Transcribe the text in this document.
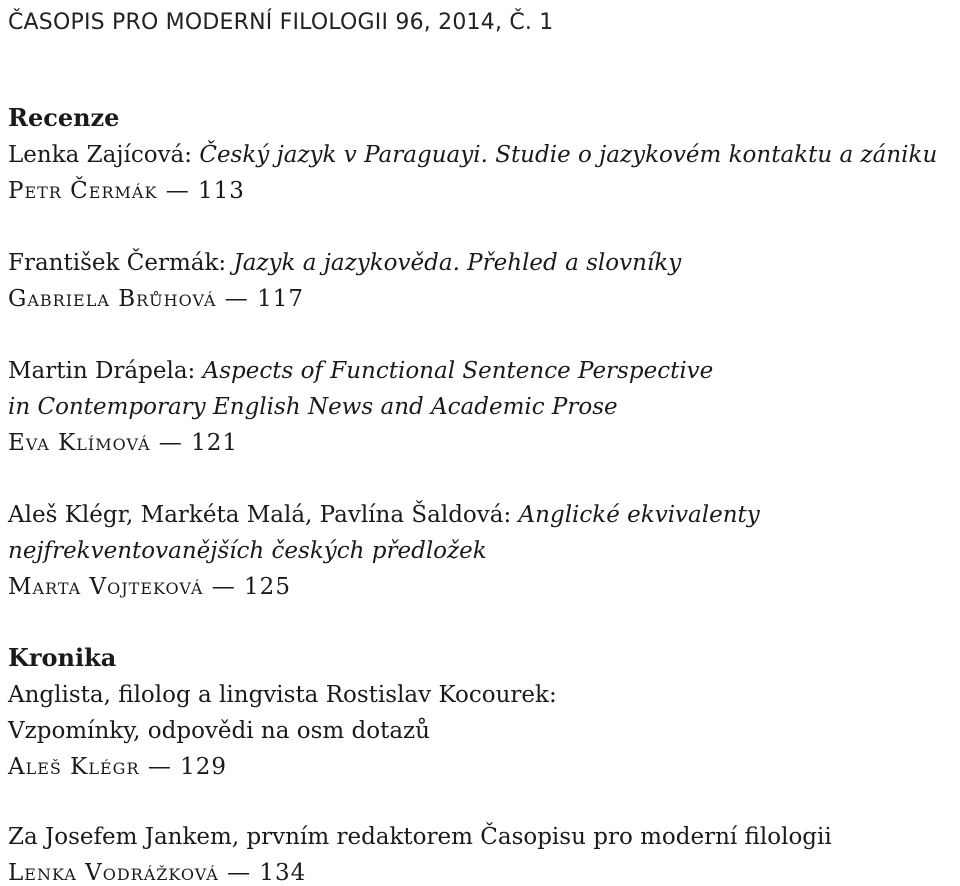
ČASOPIS PRO MODERNÍ FILOLOGII 96, 2014, Č. 1
Recenze
Lenka Zajícová: Český jazyk v Paraguayi. Studie o jazykovém kontaktu a zániku
Petr Čermák — 113
František Čermák: Jazyk a jazykověda. Přehled a slovníky
Gabriela Brůhová — 117
Martin Drápela: Aspects of Functional Sentence Perspective
in Contemporary English News and Academic Prose
Eva Klímová — 121
Aleš Klégr, Markéta Malá, Pavlína Šaldová: Anglické ekvivalenty
nejfrekventovanějších českých předložek
Marta Vojteková — 125
Kronika
Anglista, filolog a lingvista Rostislav Kocourek:
Vzpomínky, odpovědi na osm dotazů
Aleš Klégr — 129
Za Josefem Jankem, prvním redaktorem Časopisu pro moderní filologii
Lenka Vodrážková — 134
